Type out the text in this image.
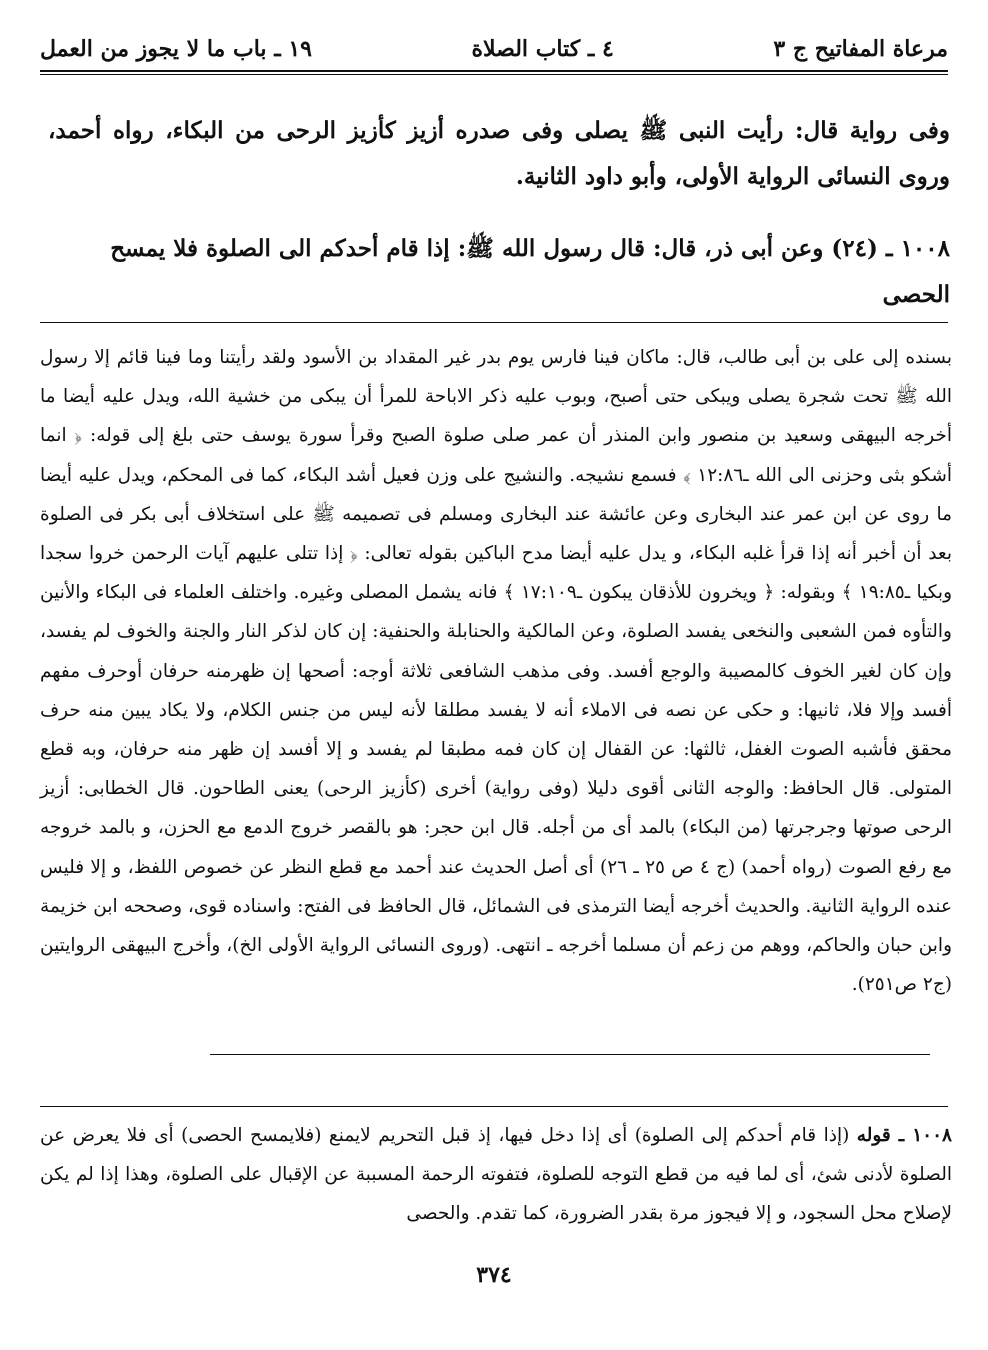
مرعاة المفاتيح ج ٣
٤ ـ كتاب الصلاة
١٩ ـ باب ما لا يجوز من العمل
وفى رواية قال: رأيت النبى ﷺ يصلى وفى صدره أزيز كأزيز الرحى من البكاء، رواه أحمد، وروى النسائى الرواية الأولى، وأبو داود الثانية.
١٠٠٨ ـ (٢٤) وعن أبى ذر، قال: قال رسول الله ﷺ: إذا قام أحدكم الى الصلوة فلا يمسح
الحصى
بسنده إلى على بن أبى طالب، قال: ماكان فينا فارس يوم بدر غير المقداد بن الأسود ولقد رأيتنا وما فينا قائم إلا رسول الله ﷺ تحت شجرة يصلى ويبكى حتى أصبح، وبوب عليه ذكر الاباحة للمرأ أن يبكى من خشية الله، ويدل عليه أيضا ما أخرجه البيهقى وسعيد بن منصور وابن المنذر أن عمر صلى صلوة الصبح وقرأ سورة يوسف حتى بلغ إلى قوله: ﴿ انما أشكو بثى وحزنى الى الله ـ١٢:٨٦ ﴾ فسمع نشيجه. والنشيج على وزن فعيل أشد البكاء، كما فى المحكم، ويدل عليه أيضا ما روى عن ابن عمر عند البخارى وعن عائشة عند البخارى ومسلم فى تصميمه ﷺ على استخلاف أبى بكر فى الصلوة بعد أن أخبر أنه إذا قرأ غلبه البكاء، و يدل عليه أيضا مدح الباكين بقوله تعالى: ﴿ إذا تتلى عليهم آيات الرحمن خروا سجدا وبكيا ـ١٩:٨٥ ﴾ وبقوله: ﴿ ويخرون للأذقان يبكون ـ١٧:١٠٩ ﴾ فانه يشمل المصلى وغيره. واختلف العلماء فى البكاء والأنين والتأوه فمن الشعبى والنخعى يفسد الصلوة، وعن المالكية والحنابلة والحنفية: إن كان لذكر النار والجنة والخوف لم يفسد، وإن كان لغير الخوف كالمصيبة والوجع أفسد. وفى مذهب الشافعى ثلاثة أوجه: أصحها إن ظهرمنه حرفان أوحرف مفهم أفسد وإلا فلا، ثانيها: و حكى عن نصه فى الاملاء أنه لا يفسد مطلقا لأنه ليس من جنس الكلام، ولا يكاد يبين منه حرف محقق فأشبه الصوت الغفل، ثالثها: عن القفال إن كان فمه مطبقا لم يفسد و إلا أفسد إن ظهر منه حرفان، وبه قطع المتولى. قال الحافظ: والوجه الثانى أقوى دليلا (وفى رواية) أخرى (كأزيز الرحى) يعنى الطاحون. قال الخطابى: أزيز الرحى صوتها وجرجرتها (من البكاء) بالمد أى من أجله. قال ابن حجر: هو بالقصر خروج الدمع مع الحزن، و بالمد خروجه مع رفع الصوت (رواه أحمد) (ج ٤ ص ٢٥ ـ ٢٦) أى أصل الحديث عند أحمد مع قطع النظر عن خصوص اللفظ، و إلا فليس عنده الرواية الثانية. والحديث أخرجه أيضا الترمذى فى الشمائل، قال الحافظ فى الفتح: واسناده قوى، وصححه ابن خزيمة وابن حبان والحاكم، ووهم من زعم أن مسلما أخرجه ـ انتهى. (وروى النسائى الرواية الأولى الخ)، وأخرج البيهقى الروايتين (ج٢ ص٢٥١).
١٠٠٨ ـ قوله (إذا قام أحدكم إلى الصلوة) أى إذا دخل فيها، إذ قبل التحريم لايمنع (فلايمسح الحصى) أى فلا يعرض عن الصلوة لأدنى شئ، أى لما فيه من قطع التوجه للصلوة، فتفوته الرحمة المسببة عن الإقبال على الصلوة، وهذا إذا لم يكن لإصلاح محل السجود، و إلا فيجوز مرة بقدر الضرورة، كما تقدم. والحصى
٣٧٤
